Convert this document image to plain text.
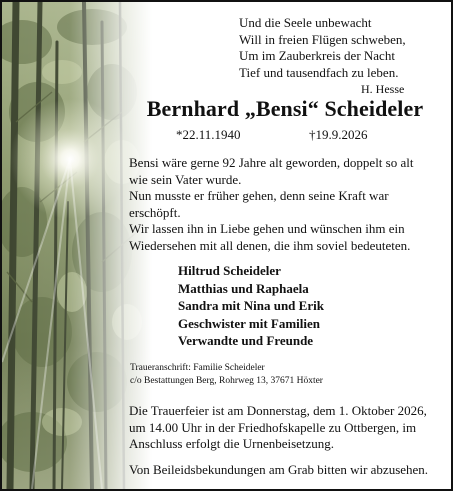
Und die Seele unbewacht
Will in freien Flügen schweben,
Um im Zauberkreis der Nacht
Tief und tausendfach zu leben.
H. Hesse
Bernhard „Bensi“ Scheideler
*22.11.1940	†19.9.2026
Bensi wäre gerne 92 Jahre alt geworden, doppelt so alt
wie sein Vater wurde.
Nun musste er früher gehen, denn seine Kraft war
erschöpft.
Wir lassen ihn in Liebe gehen und wünschen ihm ein
Wiedersehen mit all denen, die ihm soviel bedeuteten.
Hiltrud Scheideler
Matthias und Raphaela
Sandra mit Nina und Erik
Geschwister mit Familien
Verwandte und Freunde
Traueranschrift: Familie Scheideler
c/o Bestattungen Berg, Rohrweg 13, 37671 Höxter
Die Trauerfeier ist am Donnerstag, dem 1. Oktober 2026,
um 14.00 Uhr in der Friedhofskapelle zu Ottbergen, im
Anschluss erfolgt die Urnenbeisetzung.
Von Beileidsbekundungen am Grab bitten wir abzusehen.
